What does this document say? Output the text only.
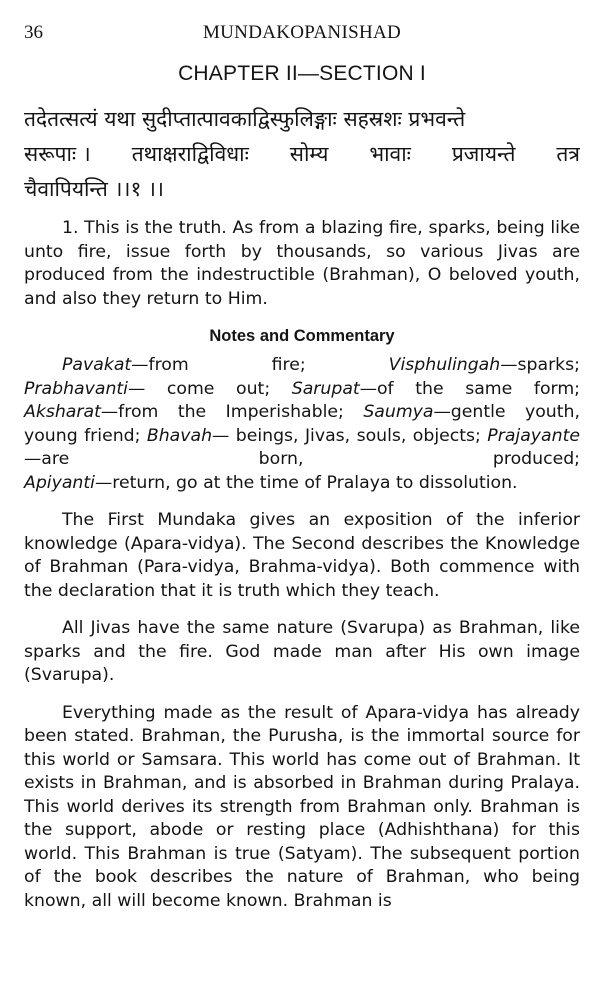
36	MUNDAKOPANISHAD
CHAPTER II—SECTION I
तदेतत्सत्यं यथा सुदीप्तात्पावकाद्विस्फुलिङ्गाः सहस्रशः प्रभवन्ते
सरूपाः । तथाक्षराद्विविधाः सोम्य भावाः प्रजायन्ते तत्र
चैवापियन्ति ।।१ ।।
1. This is the truth. As from a blazing fire, sparks, being like unto fire, issue forth by thousands, so various Jivas are produced from the indestructible (Brahman), O beloved youth, and also they return to Him.
Notes and Commentary
Pavakat—from fire;	Visphulingah—sparks;
Prabhavanti— come out; Sarupat—of the same form;
Aksharat—from the Imperishable; Saumya—gentle youth, young friend; Bhavah— beings, Jivas, souls, objects; Prajayante—are born, produced;
Apiyanti—return, go at the time of Pralaya to dissolution.
The First Mundaka gives an exposition of the inferior knowledge (Apara-vidya). The Second describes the Knowledge of Brahman (Para-vidya, Brahma-vidya). Both commence with the declaration that it is truth which they teach.
All Jivas have the same nature (Svarupa) as Brahman, like sparks and the fire. God made man after His own image (Svarupa).
Everything made as the result of Apara-vidya has already been stated. Brahman, the Purusha, is the immortal source for this world or Samsara. This world has come out of Brahman. It exists in Brahman, and is absorbed in Brahman during Pralaya. This world derives its strength from Brahman only. Brahman is the support, abode or resting place (Adhishthana) for this world. This Brahman is true (Satyam). The subsequent portion of the book describes the nature of Brahman, who being known, all will become known. Brahman is
